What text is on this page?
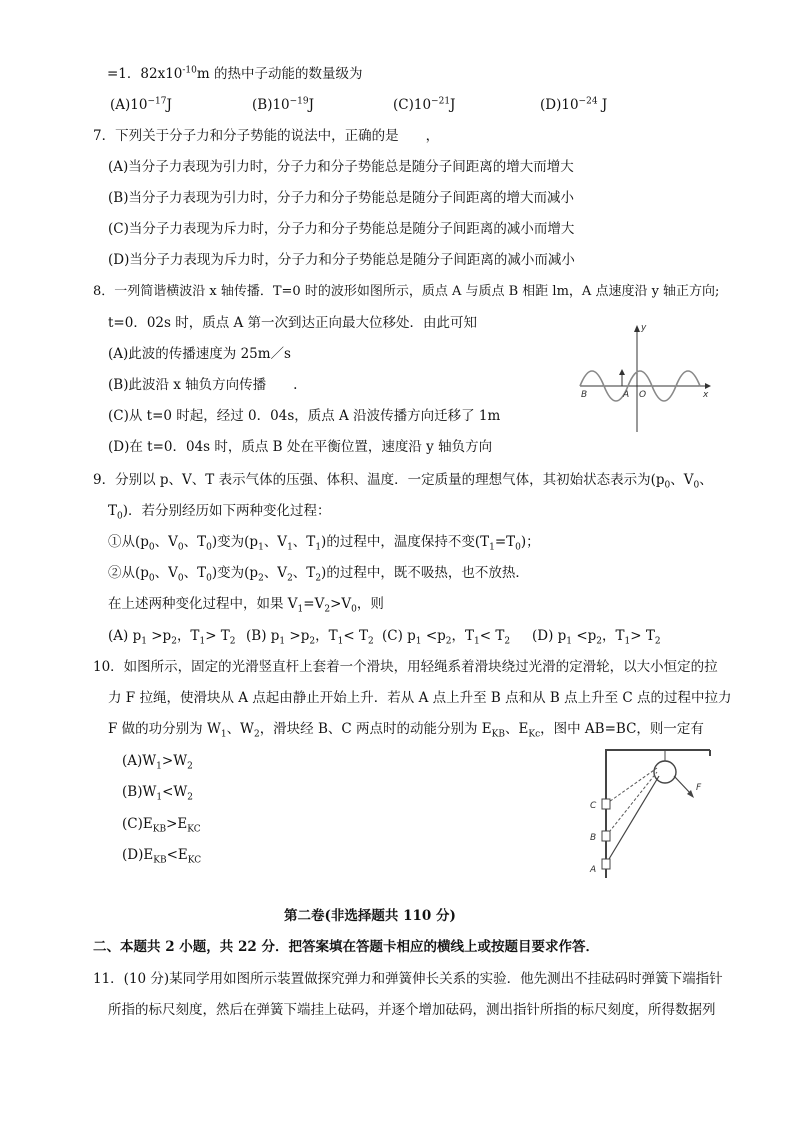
=1．$82x10^{-10}m$ 的热中子动能的数量级为
$(A)10^{-17}J$	$(B)10^{-19}J$	$(C)10^{-21}J$	$(D)10^{-24}$ J
7．下列关于分子力和分子势能的说法中，正确的是　　，
(A)当分子力表现为引力时，分子力和分子势能总是随分子间距离的增大而增大
(B)当分子力表现为引力时，分子力和分子势能总是随分子间距离的增大而减小
(C)当分子力表现为斥力时，分子力和分子势能总是随分子间距离的减小而增大
(D)当分子力表现为斥力时，分子力和分子势能总是随分子间距离的减小而减小
8．一列简谐横波沿 x 轴传播．T=0 时的波形如图所示，质点 A 与质点 B 相距 lm，A 点速度沿 y 轴正方向;
t=0．02s 时，质点 A 第一次到达正向最大位移处．由此可知
(A)此波的传播速度为 25m／s
(B)此波沿 x 轴负方向传播　　.
(C)从 t=0 时起，经过 0．04s，质点 A 沿波传播方向迁移了 1m
(D)在 t=0．04s 时，质点 B 处在平衡位置，速度沿 y 轴负方向
y
x
B	A O
9．分别以 p、V、T 表示气体的压强、体积、温度．一定质量的理想气体，其初始状态表示为($p_0$、$V_0$、
$T_0$)．若分别经历如下两种变化过程：
①从($p_0$、$V_0$、$T_0$)变为($p_1$、$V_1$、$T_1$)的过程中，温度保持不变$(T_1=T_0)$；
②从($p_0$、$V_0$、$T_0$)变为($p_2$、$V_2$、$T_2$)的过程中，既不吸热，也不放热．
在上述两种变化过程中，如果 $V_1=V_2>V_0$，则
(A) $p_1 >p_2$，$T_1> T_2$ (B) $p_1 >p_2$，$T_1< T_2$ (C) $p_1 <p_2$，$T_1< T_2$ (D) $p_1 <p_2$，$T_1> T_2$
10．如图所示，固定的光滑竖直杆上套着一个滑块，用轻绳系着滑块绕过光滑的定滑轮，以大小恒定的拉
力 F 拉绳，使滑块从 A 点起由静止开始上升．若从 A 点上升至 B 点和从 B 点上升至 C 点的过程中拉力
F 做的功分别为 $W_1$、$W_2$，滑块经 B、C 两点时的动能分别为 $E_{KB}$、$E_{Kc}$，图中 AB=BC，则一定有
$(A)W_1>W_2$
$(B)W_1<W_2$
$(C)E_{KB}>E_{KC}$
$(D)E_{KB}<E_{KC}$
C
B
A
F
第二卷(非选择题共 110 分)
二、本题共 2 小题，共 22 分．把答案填在答题卡相应的横线上或按题目要求作答．
11．(10 分)某同学用如图所示装置做探究弹力和弹簧伸长关系的实验．他先测出不挂砝码时弹簧下端指针
所指的标尺刻度，然后在弹簧下端挂上砝码，并逐个增加砝码，测出指针所指的标尺刻度，所得数据列
